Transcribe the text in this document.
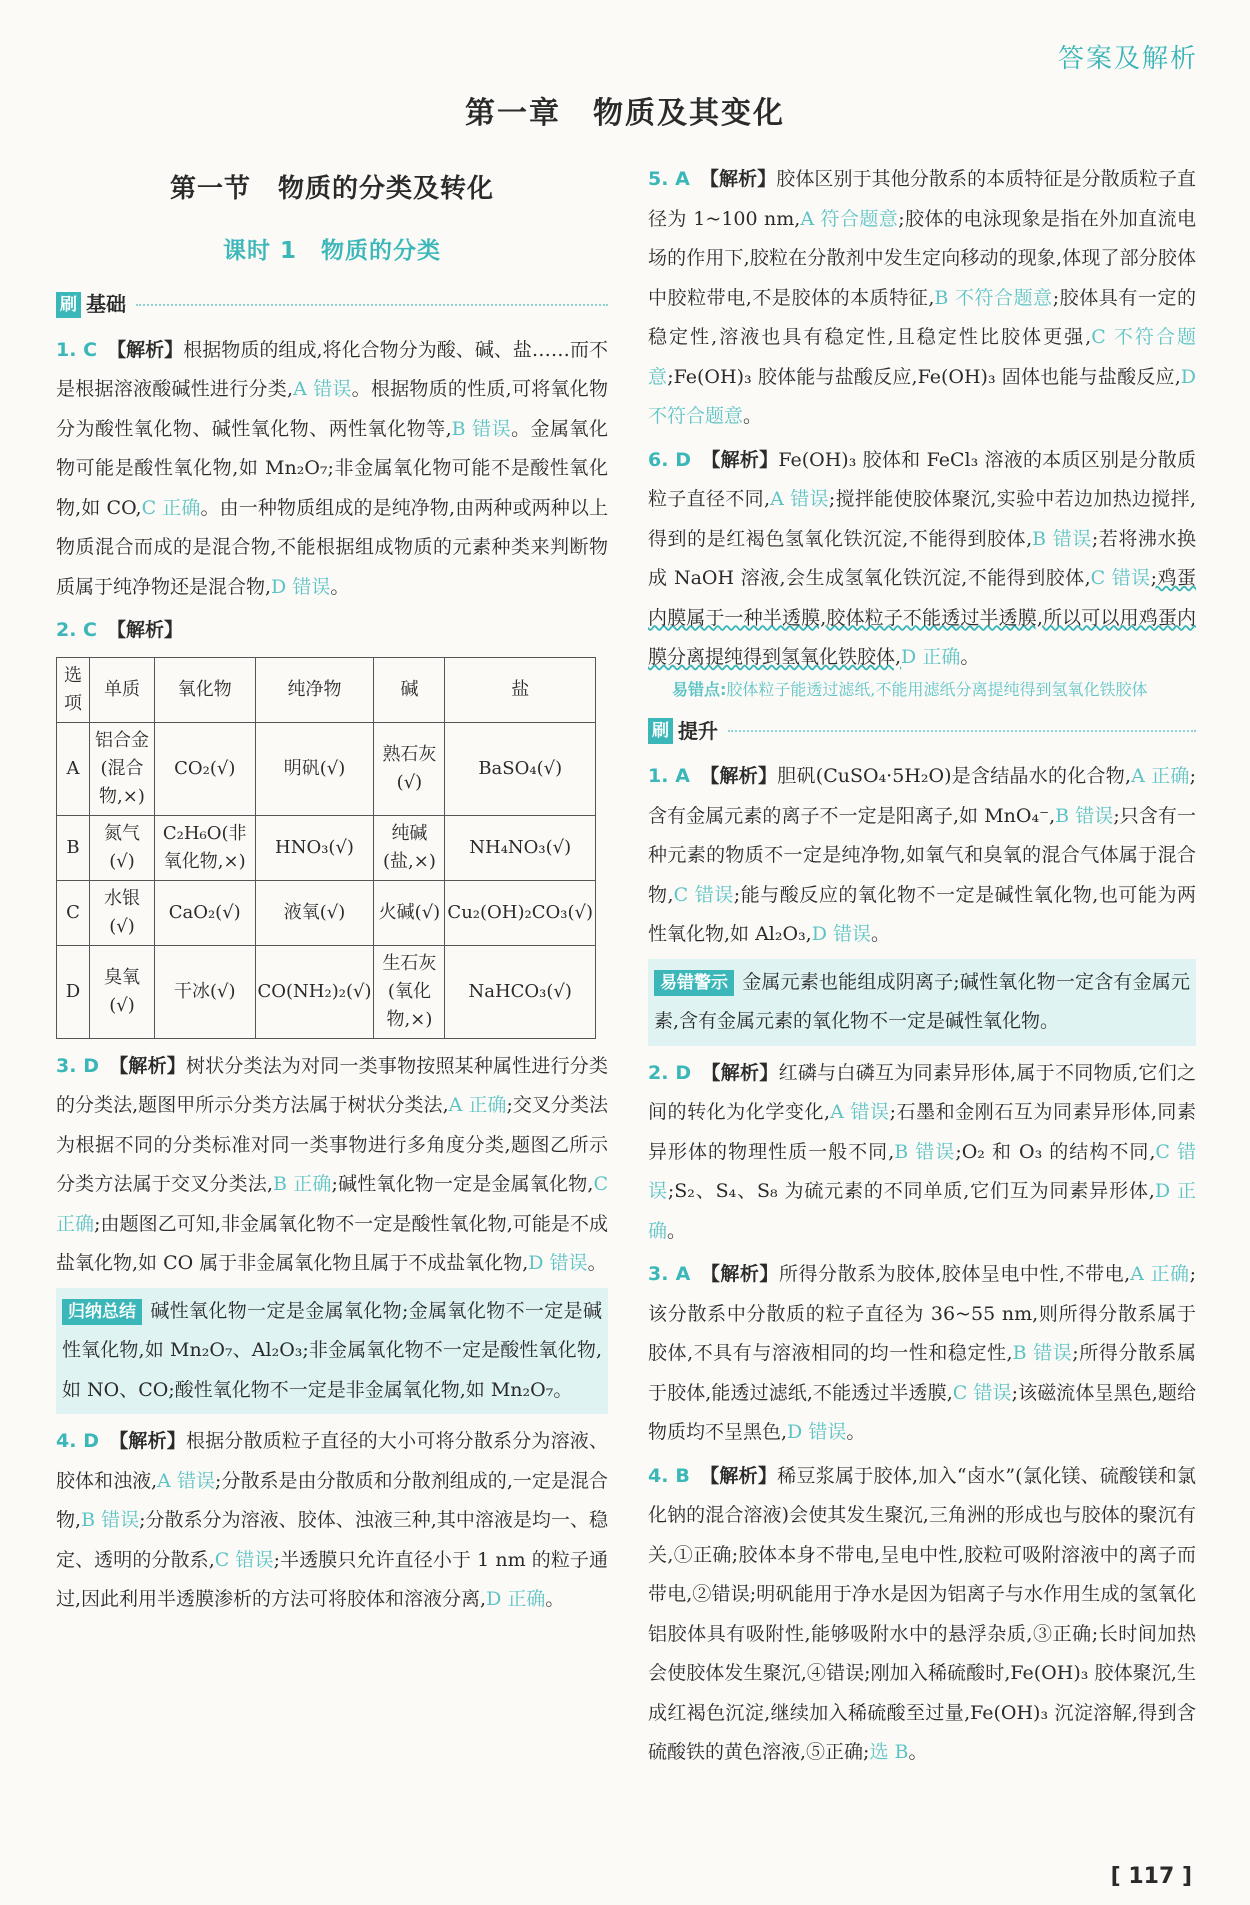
答案及解析
第一章　物质及其变化
第一节　物质的分类及转化
课时 1　物质的分类
刷 基础
1. C 【解析】根据物质的组成,将化合物分为酸、碱、盐……而不是根据溶液酸碱性进行分类,A 错误。根据物质的性质,可将氧化物分为酸性氧化物、碱性氧化物、两性氧化物等,B 错误。金属氧化物可能是酸性氧化物,如 Mn₂O₇;非金属氧化物可能不是酸性氧化物,如 CO,C 正确。由一种物质组成的是纯净物,由两种或两种以上物质混合而成的是混合物,不能根据组成物质的元素种类来判断物质属于纯净物还是混合物,D 错误。
2. C 【解析】
选项	单质	氧化物	纯净物	碱	盐
A	铝合金(混合物,×)	CO₂(√)	明矾(√)	熟石灰(√)	BaSO₄(√)
B	氮气(√)	C₂H₆O(非氧化物,×)	HNO₃(√)	纯碱(盐,×)	NH₄NO₃(√)
C	水银(√)	CaO₂(√)	液氧(√)	火碱(√)	Cu₂(OH)₂CO₃(√)
D	臭氧(√)	干冰(√)	CO(NH₂)₂(√)	生石灰(氧化物,×)	NaHCO₃(√)
3. D 【解析】树状分类法为对同一类事物按照某种属性进行分类的分类法,题图甲所示分类方法属于树状分类法,A 正确;交叉分类法为根据不同的分类标准对同一类事物进行多角度分类,题图乙所示分类方法属于交叉分类法,B 正确;碱性氧化物一定是金属氧化物,C 正确;由题图乙可知,非金属氧化物不一定是酸性氧化物,可能是不成盐氧化物,如 CO 属于非金属氧化物且属于不成盐氧化物,D 错误。
归纳总结 碱性氧化物一定是金属氧化物;金属氧化物不一定是碱性氧化物,如 Mn₂O₇、Al₂O₃;非金属氧化物不一定是酸性氧化物,如 NO、CO;酸性氧化物不一定是非金属氧化物,如 Mn₂O₇。
4. D 【解析】根据分散质粒子直径的大小可将分散系分为溶液、胶体和浊液,A 错误;分散系是由分散质和分散剂组成的,一定是混合物,B 错误;分散系分为溶液、胶体、浊液三种,其中溶液是均一、稳定、透明的分散系,C 错误;半透膜只允许直径小于 1 nm 的粒子通过,因此利用半透膜渗析的方法可将胶体和溶液分离,D 正确。
5. A 【解析】胶体区别于其他分散系的本质特征是分散质粒子直径为 1~100 nm,A 符合题意;胶体的电泳现象是指在外加直流电场的作用下,胶粒在分散剂中发生定向移动的现象,体现了部分胶体中胶粒带电,不是胶体的本质特征,B 不符合题意;胶体具有一定的稳定性,溶液也具有稳定性,且稳定性比胶体更强,C 不符合题意;Fe(OH)₃ 胶体能与盐酸反应,Fe(OH)₃ 固体也能与盐酸反应,D 不符合题意。
6. D 【解析】Fe(OH)₃ 胶体和 FeCl₃ 溶液的本质区别是分散质粒子直径不同,A 错误;搅拌能使胶体聚沉,实验中若边加热边搅拌,得到的是红褐色氢氧化铁沉淀,不能得到胶体,B 错误;若将沸水换成 NaOH 溶液,会生成氢氧化铁沉淀,不能得到胶体,C 错误;鸡蛋内膜属于一种半透膜,胶体粒子不能透过半透膜,所以可以用鸡蛋内膜分离提纯得到氢氧化铁胶体,D 正确。
易错点:胶体粒子能透过滤纸,不能用滤纸分离提纯得到氢氧化铁胶体
刷 提升
1. A 【解析】胆矾(CuSO₄·5H₂O)是含结晶水的化合物,A 正确;含有金属元素的离子不一定是阳离子,如 MnO₄⁻,B 错误;只含有一种元素的物质不一定是纯净物,如氧气和臭氧的混合气体属于混合物,C 错误;能与酸反应的氧化物不一定是碱性氧化物,也可能为两性氧化物,如 Al₂O₃,D 错误。
易错警示 金属元素也能组成阴离子;碱性氧化物一定含有金属元素,含有金属元素的氧化物不一定是碱性氧化物。
2. D 【解析】红磷与白磷互为同素异形体,属于不同物质,它们之间的转化为化学变化,A 错误;石墨和金刚石互为同素异形体,同素异形体的物理性质一般不同,B 错误;O₂ 和 O₃ 的结构不同,C 错误;S₂、S₄、S₈ 为硫元素的不同单质,它们互为同素异形体,D 正确。
3. A 【解析】所得分散系为胶体,胶体呈电中性,不带电,A 正确;该分散系中分散质的粒子直径为 36~55 nm,则所得分散系属于胶体,不具有与溶液相同的均一性和稳定性,B 错误;所得分散系属于胶体,能透过滤纸,不能透过半透膜,C 错误;该磁流体呈黑色,题给物质均不呈黑色,D 错误。
4. B 【解析】稀豆浆属于胶体,加入“卤水”(氯化镁、硫酸镁和氯化钠的混合溶液)会使其发生聚沉,三角洲的形成也与胶体的聚沉有关,①正确;胶体本身不带电,呈电中性,胶粒可吸附溶液中的离子而带电,②错误;明矾能用于净水是因为铝离子与水作用生成的氢氧化铝胶体具有吸附性,能够吸附水中的悬浮杂质,③正确;长时间加热会使胶体发生聚沉,④错误;刚加入稀硫酸时,Fe(OH)₃ 胶体聚沉,生成红褐色沉淀,继续加入稀硫酸至过量,Fe(OH)₃ 沉淀溶解,得到含硫酸铁的黄色溶液,⑤正确;选 B。
[ 117 ]
